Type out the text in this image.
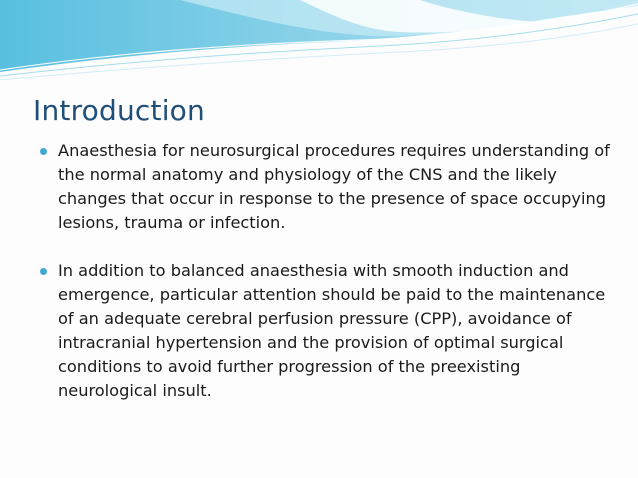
Introduction
Anaesthesia for neurosurgical procedures requires understanding of the normal anatomy and physiology of the CNS and the likely changes that occur in response to the presence of space occupying lesions, trauma or infection.
In addition to balanced anaesthesia with smooth induction and emergence, particular attention should be paid to the maintenance of an adequate cerebral perfusion pressure (CPP), avoidance of intracranial hypertension and the provision of optimal surgical conditions to avoid further progression of the preexisting neurological insult.
